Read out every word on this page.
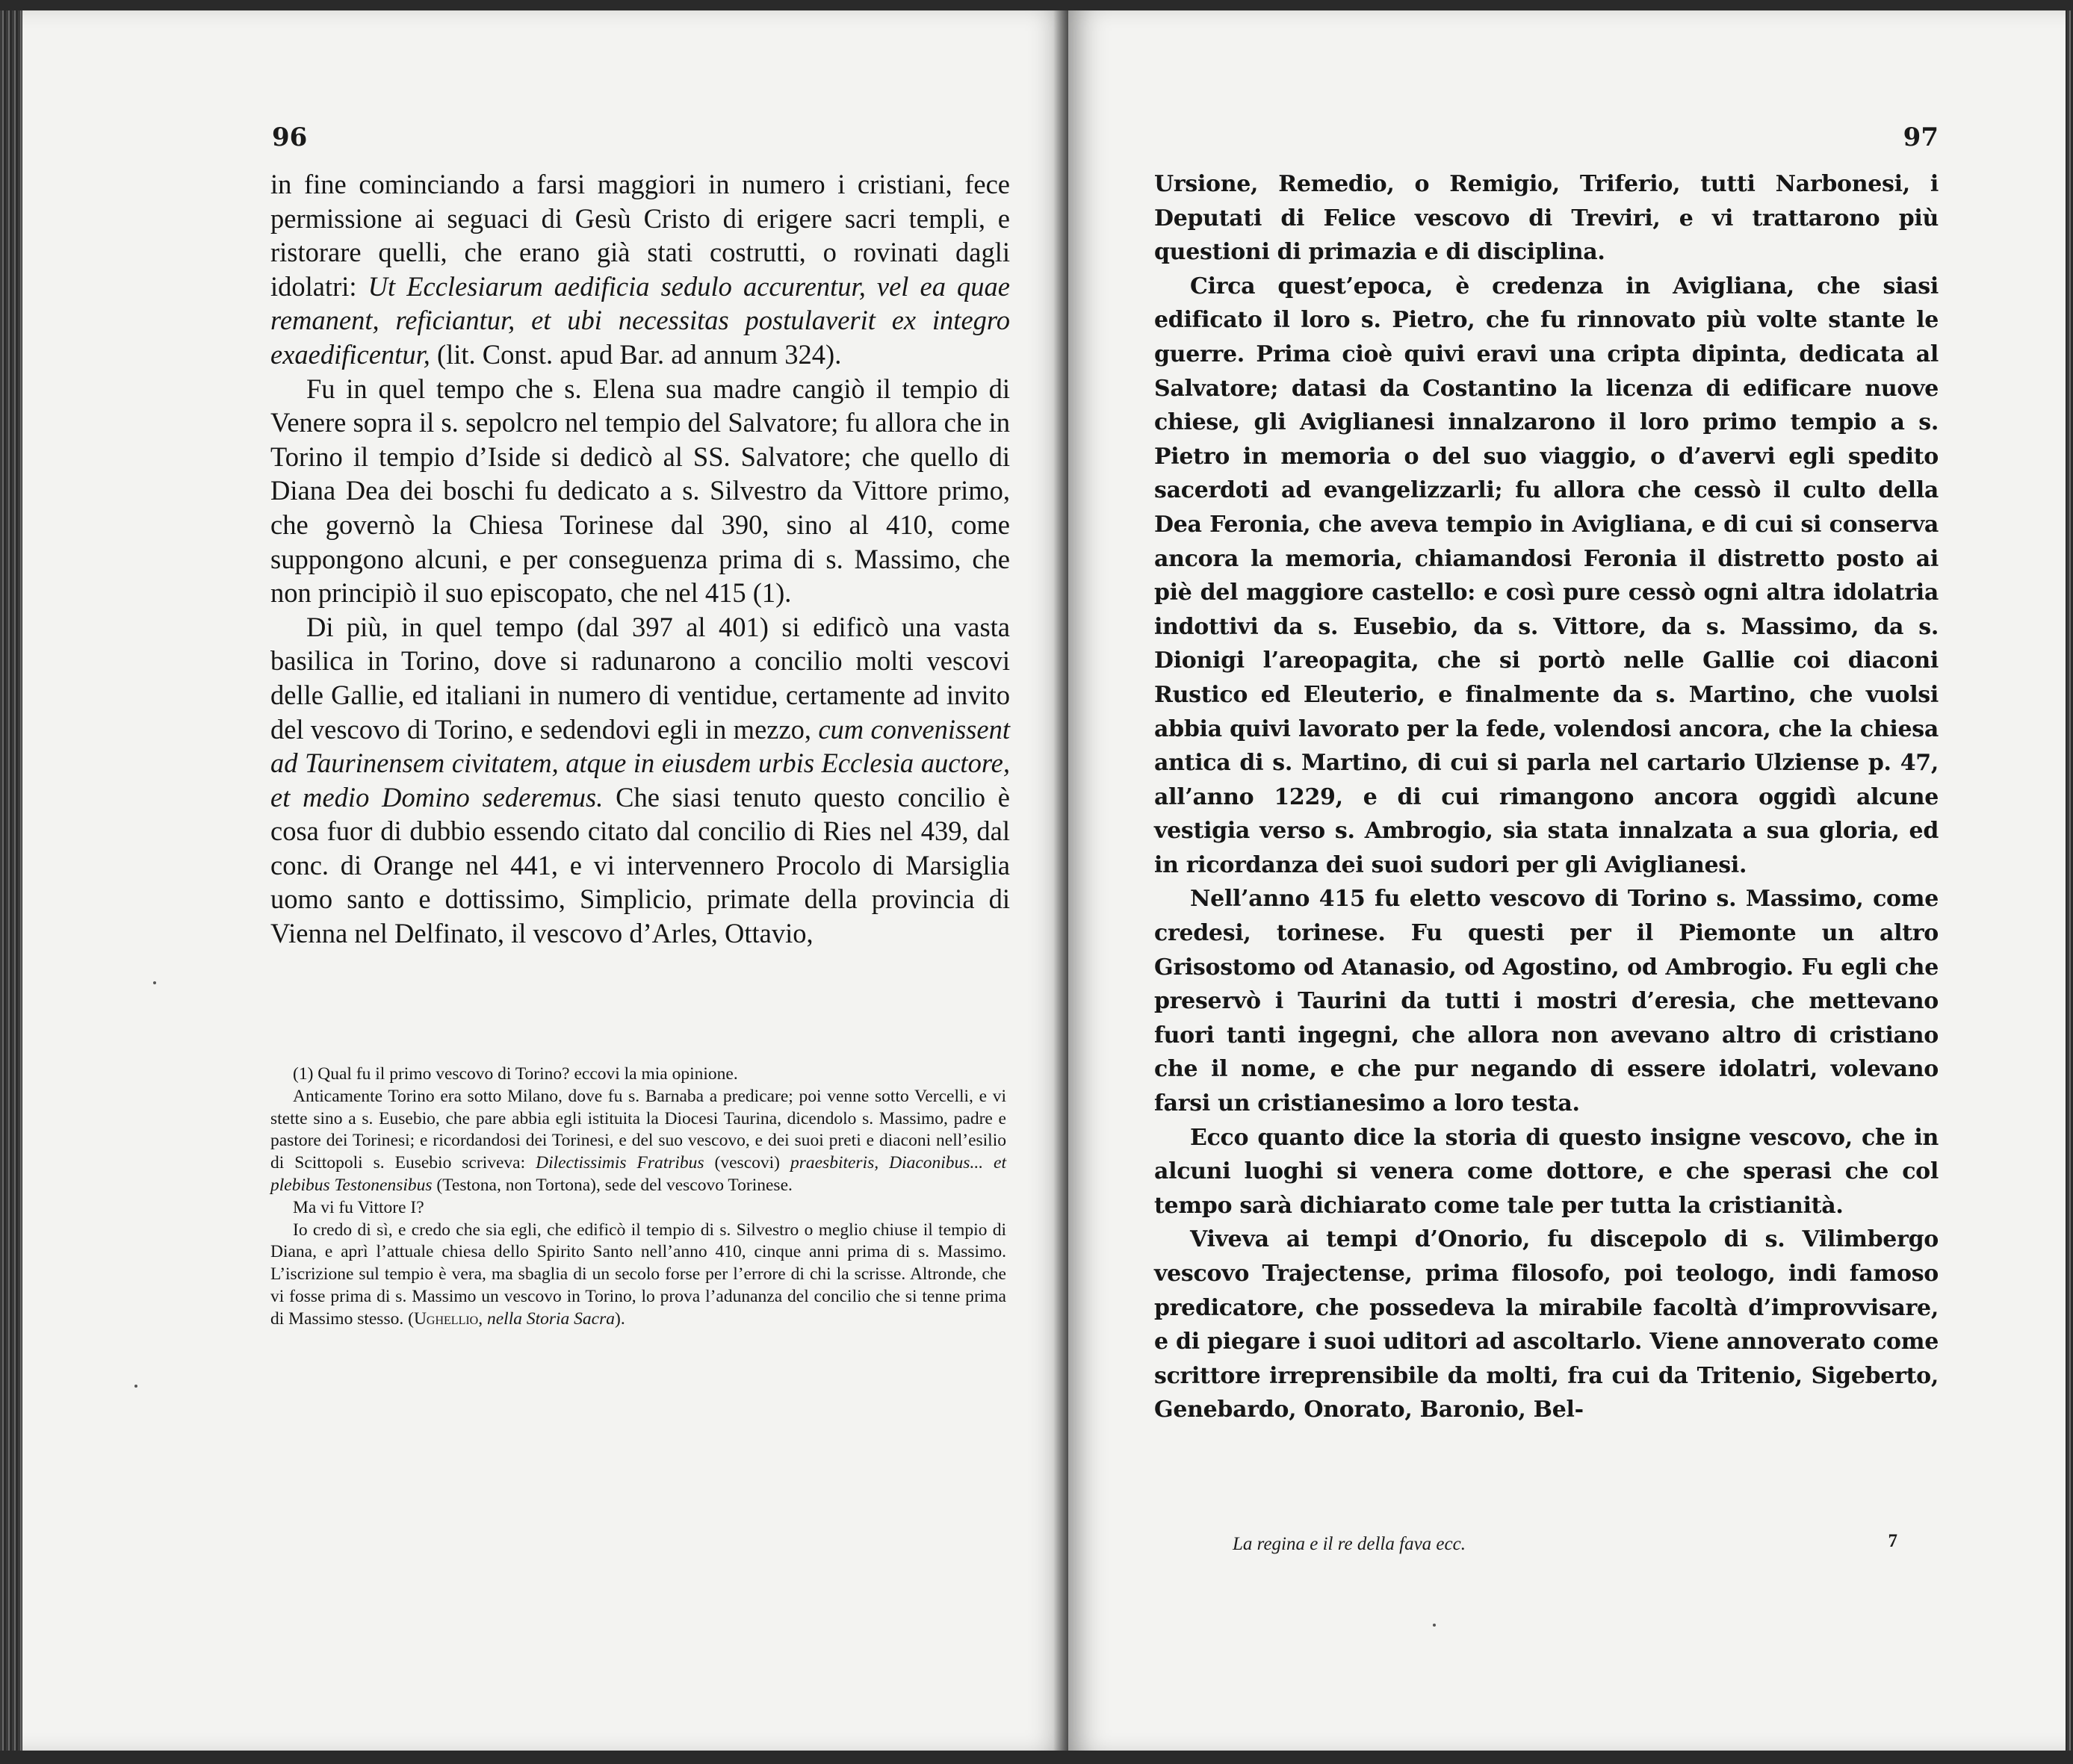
96

in fine cominciando a farsi maggiori in numero i cristiani, fece permissione ai seguaci di Gesù Cristo di erigere sacri templi, e ristorare quelli, che erano già stati costrutti, o rovinati dagli idolatri: Ut Ecclesiarum aedificia sedulo accurentur, vel ea quae remanent, reficiantur, et ubi necessitas postulaverit ex integro exaedificentur, (lit. Const. apud Bar. ad annum 324).

Fu in quel tempo che s. Elena sua madre cangiò il tempio di Venere sopra il s. sepolcro nel tempio del Salvatore; fu allora che in Torino il tempio d’Iside si dedicò al SS. Salvatore; che quello di Diana Dea dei boschi fu dedicato a s. Silvestro da Vittore primo, che governò la Chiesa Torinese dal 390, sino al 410, come suppongono alcuni, e per conseguenza prima di s. Massimo, che non principiò il suo episcopato, che nel 415 (1).

Di più, in quel tempo (dal 397 al 401) si edificò una vasta basilica in Torino, dove si radunarono a concilio molti vescovi delle Gallie, ed italiani in numero di ventidue, certamente ad invito del vescovo di Torino, e sedendovi egli in mezzo, cum convenissent ad Taurinensem civitatem, atque in eiusdem urbis Ecclesia auctore, et medio Domino sederemus. Che siasi tenuto questo concilio è cosa fuor di dubbio essendo citato dal concilio di Ries nel 439, dal conc. di Orange nel 441, e vi intervennero Procolo di Marsiglia uomo santo e dottissimo, Simplicio, primate della provincia di Vienna nel Delfinato, il vescovo d’Arles, Ottavio,

(1) Qual fu il primo vescovo di Torino? eccovi la mia opinione.

Anticamente Torino era sotto Milano, dove fu s. Barnaba a predicare; poi venne sotto Vercelli, e vi stette sino a s. Eusebio, che pare abbia egli istituita la Diocesi Taurina, dicendolo s. Massimo, padre e pastore dei Torinesi; e ricordandosi dei Torinesi, e del suo vescovo, e dei suoi preti e diaconi nell’esilio di Scittopoli s. Eusebio scriveva: Dilectissimis Fratribus (vescovi) praesbiteris, Diaconibus... et plebibus Testonensibus (Testona, non Tortona), sede del vescovo Torinese.

Ma vi fu Vittore I?

Io credo di sì, e credo che sia egli, che edificò il tempio di s. Silvestro o meglio chiuse il tempio di Diana, e aprì l’attuale chiesa dello Spirito Santo nell’anno 410, cinque anni prima di s. Massimo. L’iscrizione sul tempio è vera, ma sbaglia di un secolo forse per l’errore di chi la scrisse. Altronde, che vi fosse prima di s. Massimo un vescovo in Torino, lo prova l’adunanza del concilio che si tenne prima di Massimo stesso. (Ughellio, nella Storia Sacra).

97

Ursione, Remedio, o Remigio, Triferio, tutti Narbonesi, i Deputati di Felice vescovo di Treviri, e vi trattarono più questioni di primazia e di disciplina.

Circa quest’epoca, è credenza in Avigliana, che siasi edificato il loro s. Pietro, che fu rinnovato più volte stante le guerre. Prima cioè quivi eravi una cripta dipinta, dedicata al Salvatore; datasi da Costantino la licenza di edificare nuove chiese, gli Aviglianesi innalzarono il loro primo tempio a s. Pietro in memoria o del suo viaggio, o d’avervi egli spedito sacerdoti ad evangelizzarli; fu allora che cessò il culto della Dea Feronia, che aveva tempio in Avigliana, e di cui si conserva ancora la memoria, chiamandosi Feronia il distretto posto ai piè del maggiore castello: e così pure cessò ogni altra idolatria indottivi da s. Eusebio, da s. Vittore, da s. Massimo, da s. Dionigi l’areopagita, che si portò nelle Gallie coi diaconi Rustico ed Eleuterio, e finalmente da s. Martino, che vuolsi abbia quivi lavorato per la fede, volendosi ancora, che la chiesa antica di s. Martino, di cui si parla nel cartario Ulziense p. 47, all’anno 1229, e di cui rimangono ancora oggidì alcune vestigia verso s. Ambrogio, sia stata innalzata a sua gloria, ed in ricordanza dei suoi sudori per gli Aviglianesi.

Nell’anno 415 fu eletto vescovo di Torino s. Massimo, come credesi, torinese. Fu questi per il Piemonte un altro Grisostomo od Atanasio, od Agostino, od Ambrogio. Fu egli che preservò i Taurini da tutti i mostri d’eresia, che mettevano fuori tanti ingegni, che allora non avevano altro di cristiano che il nome, e che pur negando di essere idolatri, volevano farsi un cristianesimo a loro testa.

Ecco quanto dice la storia di questo insigne vescovo, che in alcuni luoghi si venera come dottore, e che sperasi che col tempo sarà dichiarato come tale per tutta la cristianità.

Viveva ai tempi d’Onorio, fu discepolo di s. Vilimbergo vescovo Trajectense, prima filosofo, poi teologo, indi famoso predicatore, che possedeva la mirabile facoltà d’improvvisare, e di piegare i suoi uditori ad ascoltarlo. Viene annoverato come scrittore irreprensibile da molti, fra cui da Tritenio, Sigeberto, Genebardo, Onorato, Baronio, Bel-

La regina e il re della fava ecc.	7
